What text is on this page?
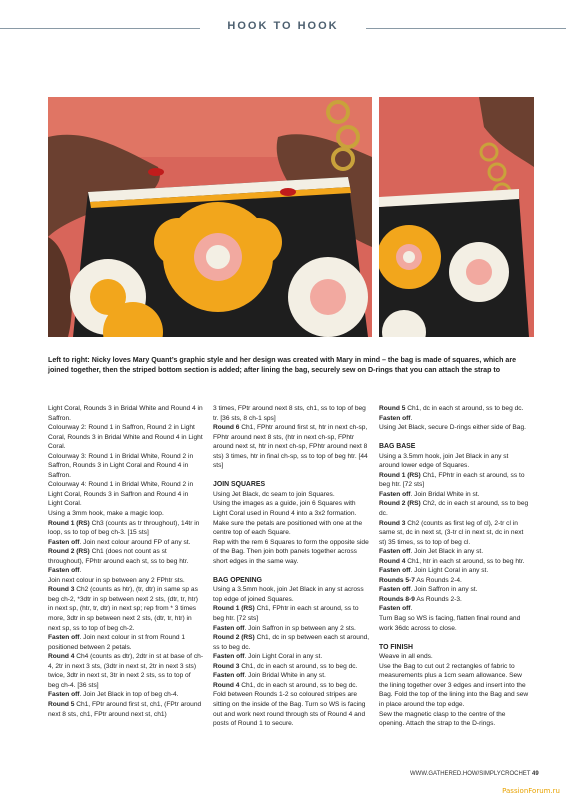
HOOK TO HOOK
Left to right: Nicky loves Mary Quant’s graphic style and her design was created with Mary in mind – the bag is made of squares, which are joined together, then the striped bottom section is added; after lining the bag, securely sew on D-rings that you can attach the strap to

Light Coral, Rounds 3 in Bridal White and Round 4 in Saffron.

Colourway 2: Round 1 in Saffron, Round 2 in Light Coral, Rounds 3 in Bridal White and Round 4 in Light Coral.

Colourway 3: Round 1 in Bridal White, Round 2 in Saffron, Rounds 3 in Light Coral and Round 4 in Saffron.

Colourway 4: Round 1 in Bridal White, Round 2 in Light Coral, Rounds 3 in Saffron and Round 4 in Light Coral.

Using a 3mm hook, make a magic loop.

Round 1 (RS) Ch3 (counts as tr throughout), 14tr in loop, ss to top of beg ch-3. [15 sts]

Fasten off. Join next colour around FP of any st.

Round 2 (RS) Ch1 (does not count as st throughout), FPhtr around each st, ss to beg htr.

Fasten off.

Join next colour in sp between any 2 FPhtr sts.

Round 3 Ch2 (counts as htr), (tr, dtr) in same sp as beg ch-2, *3dtr in sp between next 2 sts, (dtr, tr, htr) in next sp, (htr, tr, dtr) in next sp; rep from * 3 times more, 3dtr in sp between next 2 sts, (dtr, tr, htr) in next sp, ss to top of beg ch-2.

Fasten off. Join next colour in st from Round 1 positioned between 2 petals.

Round 4 Ch4 (counts as dtr), 2dtr in st at base of ch-4, 2tr in next 3 sts, (3dtr in next st, 2tr in next 3 sts) twice, 3dtr in next st, 3tr in next 2 sts, ss to top of beg ch-4. [36 sts]

Fasten off. Join Jet Black in top of beg ch-4.

Round 5 Ch1, FPtr around first st, ch1, (FPtr around next 8 sts, ch1, FPtr around next st, ch1)

3 times, FPtr around next 8 sts, ch1, ss to top of beg tr. [36 sts, 8 ch-1 sps]

Round 6 Ch1, FPhtr around first st, htr in next ch-sp, FPhtr around next 8 sts, (htr in next ch-sp, FPhtr around next st, htr in next ch-sp, FPhtr around next 8 sts) 3 times, htr in final ch-sp, ss to top of beg htr. [44 sts]

JOIN SQUARES

Using Jet Black, dc seam to join Squares.

Using the images as a guide, join 6 Squares with Light Coral used in Round 4 into a 3x2 formation. Make sure the petals are positioned with one at the centre top of each Square.

Rep with the rem 6 Squares to form the opposite side of the Bag. Then join both panels together across short edges in the same way.

BAG OPENING

Using a 3.5mm hook, join Jet Black in any st across top edge of joined Squares.

Round 1 (RS) Ch1, FPhtr in each st around, ss to beg htr. [72 sts]

Fasten off. Join Saffron in sp between any 2 sts.

Round 2 (RS) Ch1, dc in sp between each st around, ss to beg dc.

Fasten off. Join Light Coral in any st.

Round 3 Ch1, dc in each st around, ss to beg dc.

Fasten off. Join Bridal White in any st.

Round 4 Ch1, dc in each st around, ss to beg dc.

Fold between Rounds 1-2 so coloured stripes are sitting on the inside of the Bag. Turn so WS is facing out and work next round through sts of Round 4 and posts of Round 1 to secure.

Round 5 Ch1, dc in each st around, ss to beg dc.

Fasten off.

Using Jet Black, secure D-rings either side of Bag.

BAG BASE

Using a 3.5mm hook, join Jet Black in any st around lower edge of Squares.

Round 1 (RS) Ch1, FPhtr in each st around, ss to beg htr. [72 sts]

Fasten off. Join Bridal White in st.

Round 2 (RS) Ch2, dc in each st around, ss to beg dc.

Round 3 Ch2 (counts as first leg of cl), 2-tr cl in same st, dc in next st, (3-tr cl in next st, dc in next st) 35 times, ss to top of beg cl.

Fasten off. Join Jet Black in any st.

Round 4 Ch1, htr in each st around, ss to beg htr.

Fasten off. Join Light Coral in any st.

Rounds 5-7 As Rounds 2-4.

Fasten off. Join Saffron in any st.

Rounds 8-9 As Rounds 2-3.

Fasten off.

Turn Bag so WS is facing, flatten final round and work 36dc across to close.

TO FINISH

Weave in all ends.

Use the Bag to cut out 2 rectangles of fabric to measurements plus a 1cm seam allowance. Sew the lining together over 3 edges and insert into the Bag. Fold the top of the lining into the Bag and sew in place around the top edge.

Sew the magnetic clasp to the centre of the opening. Attach the strap to the D-rings.

WWW.GATHERED.HOW/SIMPLYCROCHET 49
PassionForum.ru
